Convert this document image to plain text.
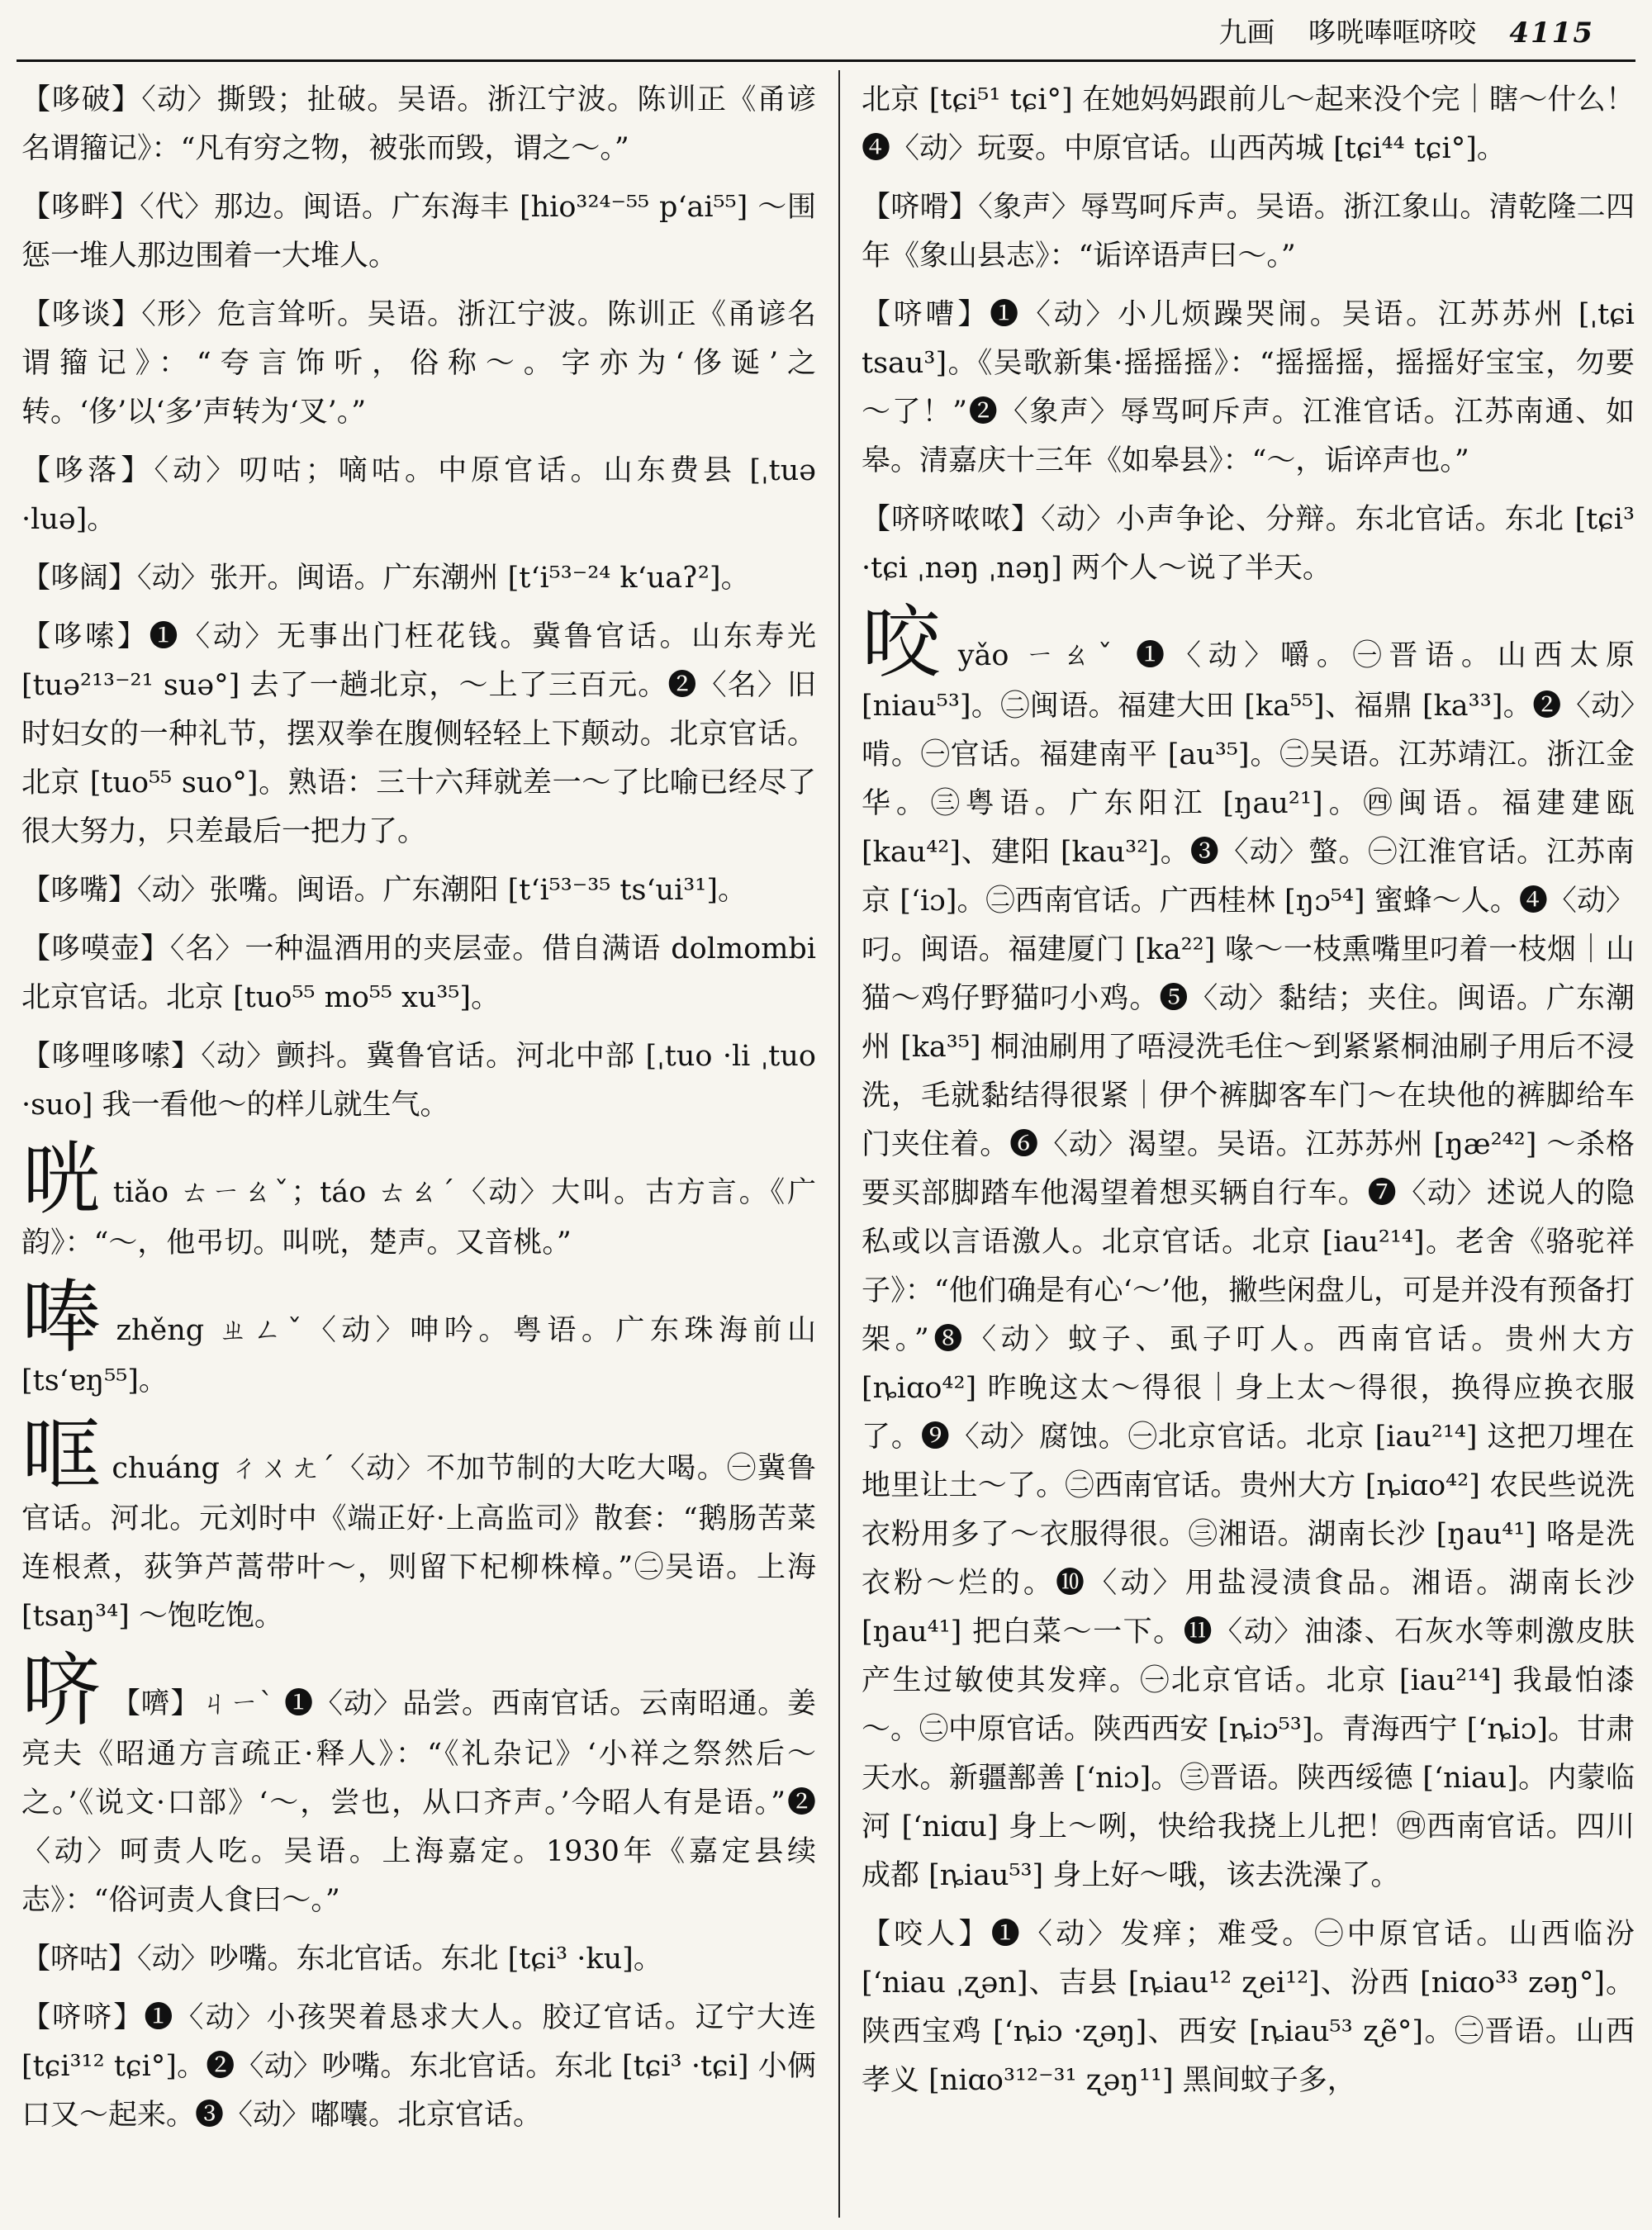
九画 哆咣唪哐哜咬 4115

【哆破】〈动〉撕毁；扯破。吴语。浙江宁波。陈训正《甬谚名谓籀记》：“凡有穷之物，被张而毁，谓之～。”

【哆畔】〈代〉那边。闽语。广东海丰 [hio³²⁴⁻⁵⁵ p‘ai⁵⁵] ～围惩一堆人那边围着一大堆人。

【哆谈】〈形〉危言耸听。吴语。浙江宁波。陈训正《甬谚名谓籀记》：“夸言饰听，俗称～。字亦为‘侈诞’之转。‘侈’以‘多’声转为‘叉’。”

【哆落】〈动〉叨咕；嘀咕。中原官话。山东费县 [ˌtuə ·luə]。

【哆阔】〈动〉张开。闽语。广东潮州 [t‘i⁵³⁻²⁴ k‘uaʔ²]。

【哆嗦】❶〈动〉无事出门枉花钱。冀鲁官话。山东寿光 [tuə²¹³⁻²¹ suə°] 去了一趟北京，～上了三百元。❷〈名〉旧时妇女的一种礼节，摆双拳在腹侧轻轻上下颠动。北京官话。北京 [tuo⁵⁵ suo°]。熟语：三十六拜就差一～了比喻已经尽了很大努力，只差最后一把力了。

【哆嘴】〈动〉张嘴。闽语。广东潮阳 [t‘i⁵³⁻³⁵ ts‘ui³¹]。

【哆嗼壶】〈名〉一种温酒用的夹层壶。借自满语 dolmombi 北京官话。北京 [tuo⁵⁵ mo⁵⁵ xu³⁵]。

【哆哩哆嗦】〈动〉颤抖。冀鲁官话。河北中部 [ˌtuo ·li ˌtuo ·suo] 我一看他～的样儿就生气。

咣tiǎo ㄊㄧㄠˇ；táo ㄊㄠˊ〈动〉大叫。古方言。《广韵》：“～，他弔切。叫咣，楚声。又音桃。”

唪zhěng ㄓㄥˇ〈动〉呻吟。粤语。广东珠海前山 [ts‘ɐŋ⁵⁵]。

哐chuáng ㄔㄨㄤˊ〈动〉不加节制的大吃大喝。㊀冀鲁官话。河北。元刘时中《端正好·上高监司》散套：“鹅肠苦菜连根煮，荻笋芦蒿带叶～，则留下杞柳株樟。”㊁吴语。上海 [tsaŋ³⁴] ～饱吃饱。

哜 【嚌】ㄐㄧˋ ❶〈动〉品尝。西南官话。云南昭通。姜亮夫《昭通方言疏正·释人》：“《礼杂记》‘小祥之祭然后～之。’《说文·口部》‘～，尝也，从口齐声。’今昭人有是语。”❷〈动〉呵责人吃。吴语。上海嘉定。1930年《嘉定县续志》：“俗诃责人食曰～。”

【哜咕】〈动〉吵嘴。东北官话。东北 [tɕi³ ·ku]。

【哜哜】❶〈动〉小孩哭着恳求大人。胶辽官话。辽宁大连 [tɕi³¹² tɕi°]。❷〈动〉吵嘴。东北官话。东北 [tɕi³ ·tɕi] 小俩口又～起来。❸〈动〉嘟囔。北京官话。

北京 [tɕi⁵¹ tɕi°] 在她妈妈跟前儿～起来没个完｜瞎～什么！❹〈动〉玩耍。中原官话。山西芮城 [tɕi⁴⁴ tɕi°]。

【哜嗗】〈象声〉辱骂呵斥声。吴语。浙江象山。清乾隆二四年《象山县志》：“诟谇语声曰～。”

【哜嘈】❶〈动〉小儿烦躁哭闹。吴语。江苏苏州 [ˌtɕi tsau³]。《吴歌新集·摇摇摇》：“摇摇摇，摇摇好宝宝，勿要～了！”❷〈象声〉辱骂呵斥声。江淮官话。江苏南通、如皋。清嘉庆十三年《如皋县》：“～，诟谇声也。”

【哜哜哝哝】〈动〉小声争论、分辩。东北官话。东北 [tɕi³ ·tɕi ˌnəŋ ˌnəŋ] 两个人～说了半天。

咬yǎo ㄧㄠˇ ❶〈动〉嚼。㊀晋语。山西太原 [niau⁵³]。㊁闽语。福建大田 [ka⁵⁵]、福鼎 [ka³³]。❷〈动〉啃。㊀官话。福建南平 [au³⁵]。㊁吴语。江苏靖江。浙江金华。㊂粤语。广东阳江 [ŋau²¹]。㊃闽语。福建建瓯 [kau⁴²]、建阳 [kau³²]。❸〈动〉螫。㊀江淮官话。江苏南京 [ʻiɔ]。㊁西南官话。广西桂林 [ŋɔ⁵⁴] 蜜蜂～人。❹〈动〉叼。闽语。福建厦门 [ka²²] 喙～一枝熏嘴里叼着一枝烟｜山猫～鸡仔野猫叼小鸡。❺〈动〉黏结；夹住。闽语。广东潮州 [ka³⁵] 桐油刷用了唔浸洗毛住～到紧紧桐油刷子用后不浸洗，毛就黏结得很紧｜伊个裤脚客车门～在块他的裤脚给车门夹住着。❻〈动〉渴望。吴语。江苏苏州 [ŋæ²⁴²] ～杀格要买部脚踏车他渴望着想买辆自行车。❼〈动〉述说人的隐私或以言语激人。北京官话。北京 [iau²¹⁴]。老舍《骆驼祥子》：“他们确是有心‘～’他，撇些闲盘儿，可是并没有预备打架。”❽〈动〉蚊子、虱子叮人。西南官话。贵州大方 [ȵiɑo⁴²] 昨晚这太～得很｜身上太～得很，换得应换衣服了。❾〈动〉腐蚀。㊀北京官话。北京 [iau²¹⁴] 这把刀埋在地里让土～了。㊁西南官话。贵州大方 [ȵiɑo⁴²] 农民些说洗衣粉用多了～衣服得很。㊂湘语。湖南长沙 [ŋau⁴¹] 咯是洗衣粉～烂的。❿〈动〉用盐浸渍食品。湘语。湖南长沙 [ŋau⁴¹] 把白菜～一下。⓫〈动〉油漆、石灰水等刺激皮肤产生过敏使其发痒。㊀北京官话。北京 [iau²¹⁴] 我最怕漆～。㊁中原官话。陕西西安 [ȵiɔ⁵³]。青海西宁 [ʻȵiɔ]。甘肃天水。新疆鄯善 [ʻniɔ]。㊂晋语。陕西绥德 [ʻniau]。内蒙临河 [ʻniɑu] 身上～咧，快给我挠上儿把！㊃西南官话。四川成都 [ȵiau⁵³] 身上好～哦，该去洗澡了。

【咬人】❶〈动〉发痒；难受。㊀中原官话。山西临汾 [ʻniau ˌʐən]、吉县 [ȵiau¹² ʐei¹²]、汾西 [niɑo³³ zəŋ°]。陕西宝鸡 [ʻȵiɔ ·ʐəŋ]、西安 [ȵiau⁵³ ʐẽ°]。㊁晋语。山西孝义 [niɑo³¹²⁻³¹ ʐəŋ¹¹] 黑间蚊子多，
